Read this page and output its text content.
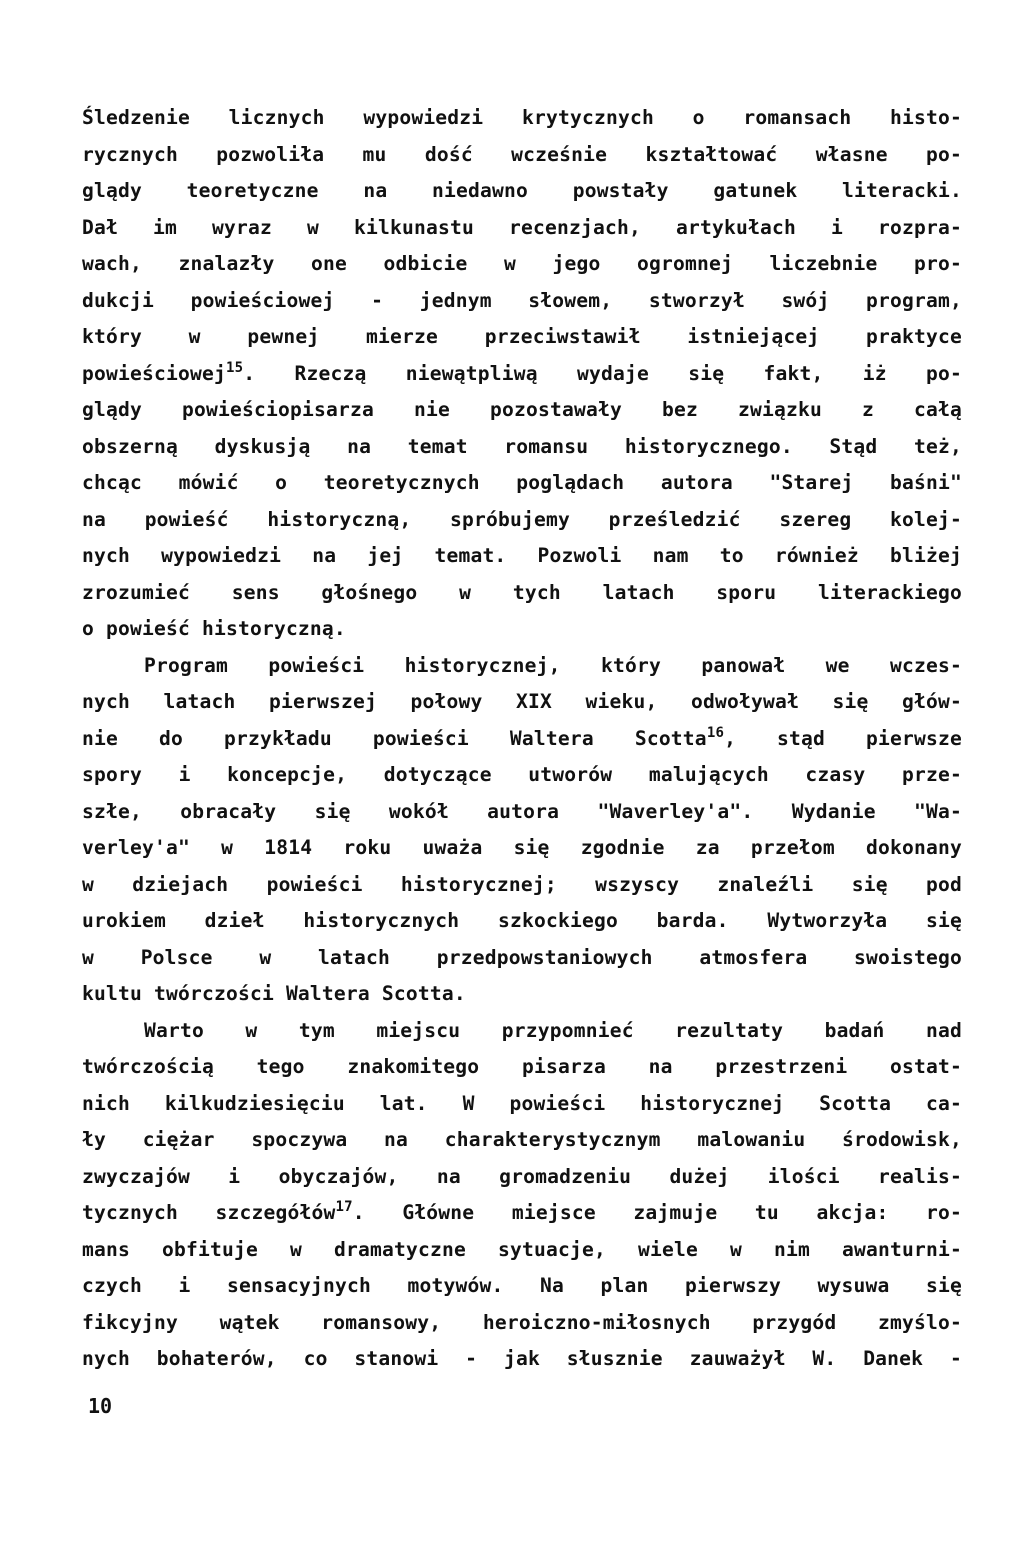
Śledzenie licznych wypowiedzi krytycznych o romansach histo-
rycznych pozwoliła mu dość wcześnie kształtować własne po-
glądy teoretyczne na niedawno powstały gatunek literacki.
Dał im wyraz w kilkunastu recenzjach, artykułach i rozpra-
wach, znalazły one odbicie w jego ogromnej liczebnie pro-
dukcji powieściowej - jednym słowem, stworzył swój program,
który w pewnej mierze przeciwstawił istniejącej praktyce
powieściowej$^{15}$. Rzeczą niewątpliwą wydaje się fakt, iż po-
glądy powieściopisarza nie pozostawały bez związku z całą
obszerną dyskusją na temat romansu historycznego. Stąd też,
chcąc mówić o teoretycznych poglądach autora "Starej baśni"
na powieść historyczną, spróbujemy prześledzić szereg kolej-
nych wypowiedzi na jej temat. Pozwoli nam to również bliżej
zrozumieć sens głośnego w tych latach sporu literackiego
o powieść historyczną.
Program powieści historycznej, który panował we wczes-
nych latach pierwszej połowy XIX wieku, odwoływał się głów-
nie do przykładu powieści Waltera Scotta$^{16}$, stąd pierwsze
spory i koncepcje, dotyczące utworów malujących czasy prze-
szłe, obracały się wokół autora "Waverley'a". Wydanie "Wa-
verley'a" w 1814 roku uważa się zgodnie za przełom dokonany
w dziejach powieści historycznej; wszyscy znaleźli się pod
urokiem dzieł historycznych szkockiego barda. Wytworzyła się
w Polsce w latach przedpowstaniowych atmosfera swoistego
kultu twórczości Waltera Scotta.
Warto w tym miejscu przypomnieć rezultaty badań nad
twórczością tego znakomitego pisarza na przestrzeni ostat-
nich kilkudziesięciu lat. W powieści historycznej Scotta ca-
ły ciężar spoczywa na charakterystycznym malowaniu środowisk,
zwyczajów i obyczajów, na gromadzeniu dużej ilości realis-
tycznych szczegółów$^{17}$. Główne miejsce zajmuje tu akcja: ro-
mans obfituje w dramatyczne sytuacje, wiele w nim awanturni-
czych i sensacyjnych motywów. Na plan pierwszy wysuwa się
fikcyjny wątek romansowy, heroiczno-miłosnych przygód zmyślo-
nych bohaterów, co stanowi - jak słusznie zauważył W. Danek -
10
